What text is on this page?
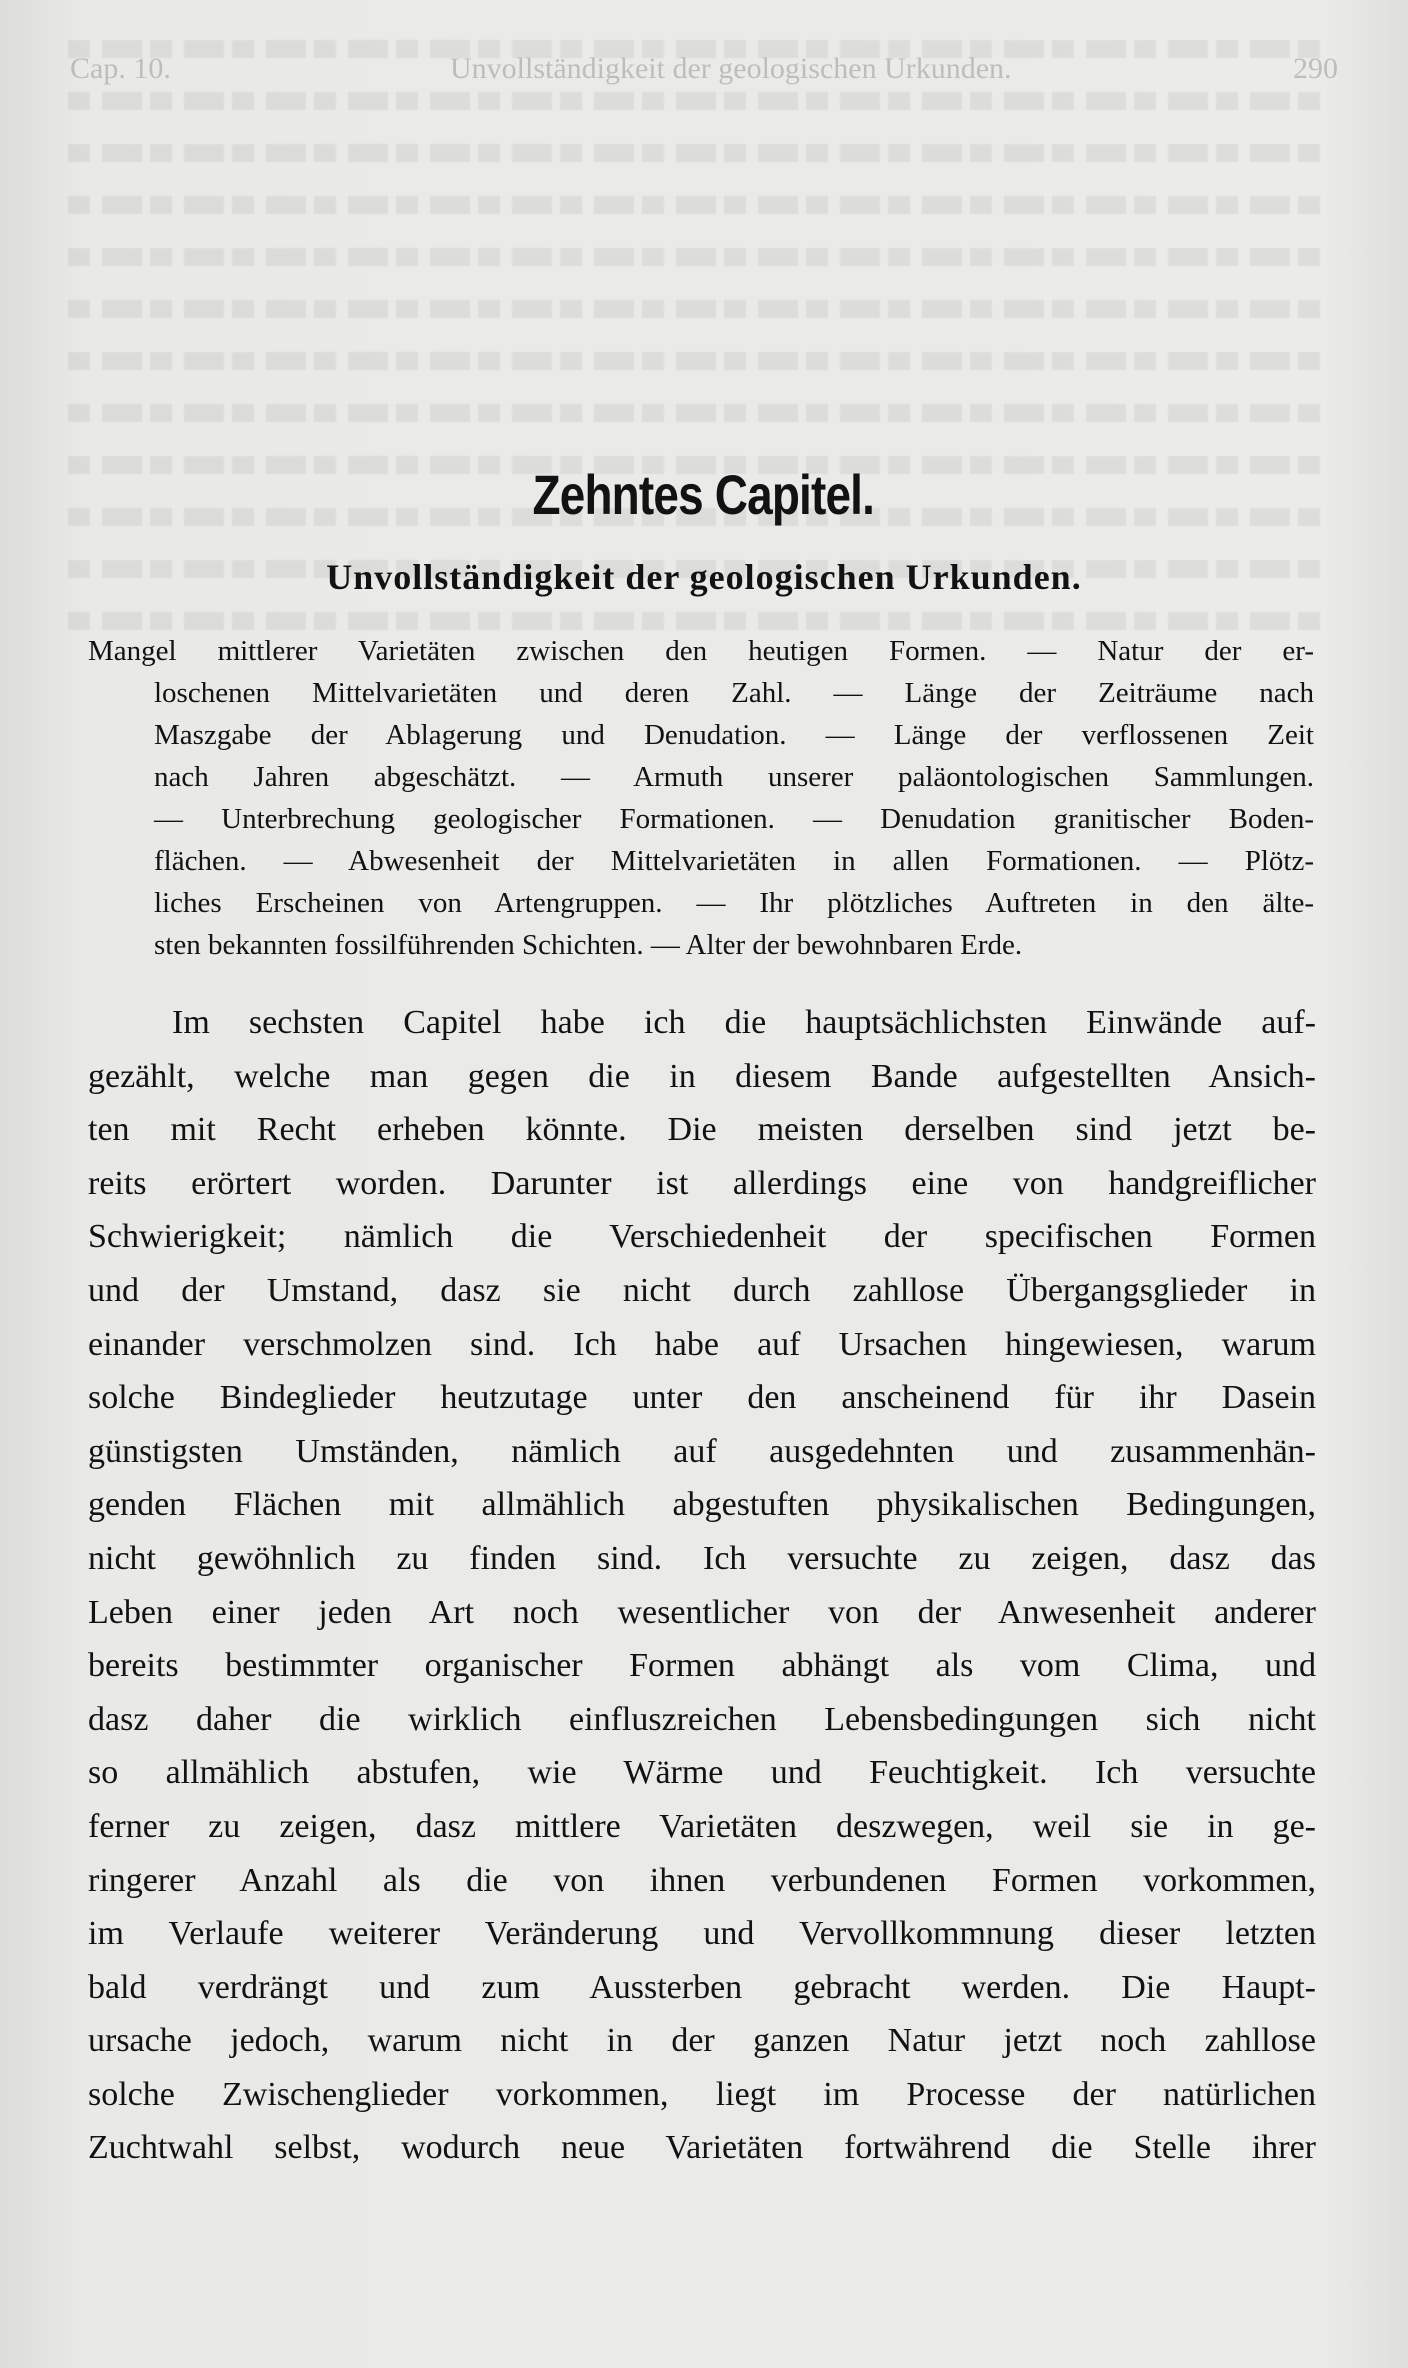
Cap. 10.	Unvollständigkeit der geologischen Urkunden.	290
Zehntes Capitel.
Unvollständigkeit der geologischen Urkunden.
Mangel mittlerer Varietäten zwischen den heutigen Formen. — Natur der er-
loschenen Mittelvarietäten und deren Zahl. — Länge der Zeiträume nach
Maszgabe der Ablagerung und Denudation. — Länge der verflossenen Zeit
nach Jahren abgeschätzt. — Armuth unserer paläontologischen Sammlungen.
— Unterbrechung geologischer Formationen. — Denudation granitischer Boden-
flächen. — Abwesenheit der Mittelvarietäten in allen Formationen. — Plötz-
liches Erscheinen von Artengruppen. — Ihr plötzliches Auftreten in den älte-
sten bekannten fossilführenden Schichten. — Alter der bewohnbaren Erde.
Im sechsten Capitel habe ich die hauptsächlichsten Einwände auf-
gezählt, welche man gegen die in diesem Bande aufgestellten Ansich-
ten mit Recht erheben könnte. Die meisten derselben sind jetzt be-
reits erörtert worden. Darunter ist allerdings eine von handgreiflicher
Schwierigkeit; nämlich die Verschiedenheit der specifischen Formen
und der Umstand, dasz sie nicht durch zahllose Übergangsglieder in
einander verschmolzen sind. Ich habe auf Ursachen hingewiesen, warum
solche Bindeglieder heutzutage unter den anscheinend für ihr Dasein
günstigsten Umständen, nämlich auf ausgedehnten und zusammenhän-
genden Flächen mit allmählich abgestuften physikalischen Bedingungen,
nicht gewöhnlich zu finden sind. Ich versuchte zu zeigen, dasz das
Leben einer jeden Art noch wesentlicher von der Anwesenheit anderer
bereits bestimmter organischer Formen abhängt als vom Clima, und
dasz daher die wirklich einfluszreichen Lebensbedingungen sich nicht
so allmählich abstufen, wie Wärme und Feuchtigkeit. Ich versuchte
ferner zu zeigen, dasz mittlere Varietäten deszwegen, weil sie in ge-
ringerer Anzahl als die von ihnen verbundenen Formen vorkommen,
im Verlaufe weiterer Veränderung und Vervollkommnung dieser letzten
bald verdrängt und zum Aussterben gebracht werden. Die Haupt-
ursache jedoch, warum nicht in der ganzen Natur jetzt noch zahllose
solche Zwischenglieder vorkommen, liegt im Processe der natürlichen
Zuchtwahl selbst, wodurch neue Varietäten fortwährend die Stelle ihrer
